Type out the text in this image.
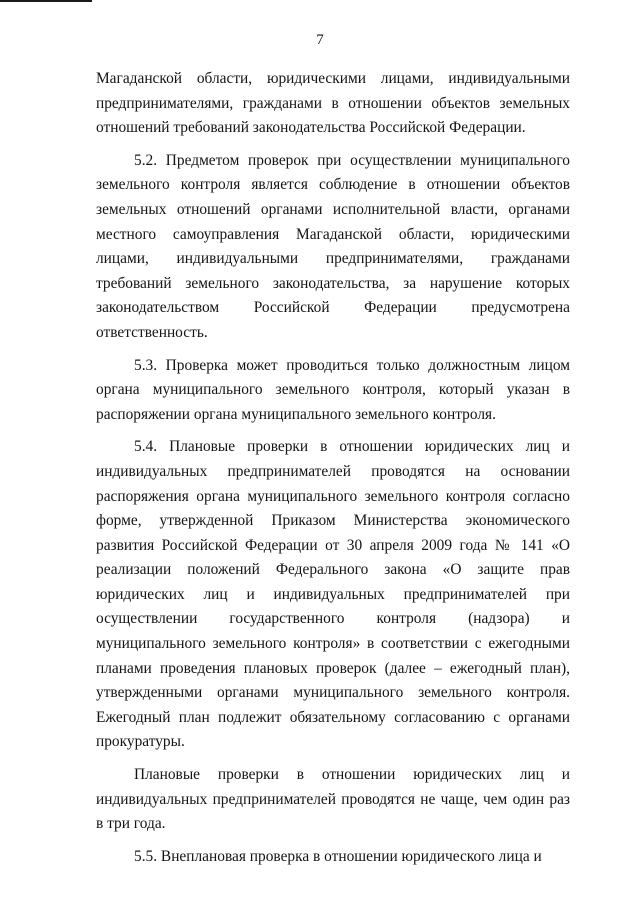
7

Магаданской области, юридическими лицами, индивидуальными предпринимателями, гражданами в отношении объектов земельных отношений требований законодательства Российской Федерации.

5.2. Предметом проверок при осуществлении муниципального земельного контроля является соблюдение в отношении объектов земельных отношений органами исполнительной власти, органами местного самоуправления Магаданской области, юридическими лицами, индивидуальными предпринимателями, гражданами требований земельного законодательства, за нарушение которых законодательством Российской Федерации предусмотрена ответственность.

5.3. Проверка может проводиться только должностным лицом органа муниципального земельного контроля, который указан в распоряжении органа муниципального земельного контроля.

5.4. Плановые проверки в отношении юридических лиц и индивидуальных предпринимателей проводятся на основании распоряжения органа муниципального земельного контроля согласно форме, утвержденной Приказом Министерства экономического развития Российской Федерации от 30 апреля 2009 года № 141 «О реализации положений Федерального закона «О защите прав юридических лиц и индивидуальных предпринимателей при осуществлении государственного контроля (надзора) и муниципального земельного контроля» в соответствии с ежегодными планами проведения плановых проверок (далее – ежегодный план), утвержденными органами муниципального земельного контроля. Ежегодный план подлежит обязательному согласованию с органами прокуратуры.

Плановые проверки в отношении юридических лиц и индивидуальных предпринимателей проводятся не чаще, чем один раз в три года.

5.5. Внеплановая проверка в отношении юридического лица и
